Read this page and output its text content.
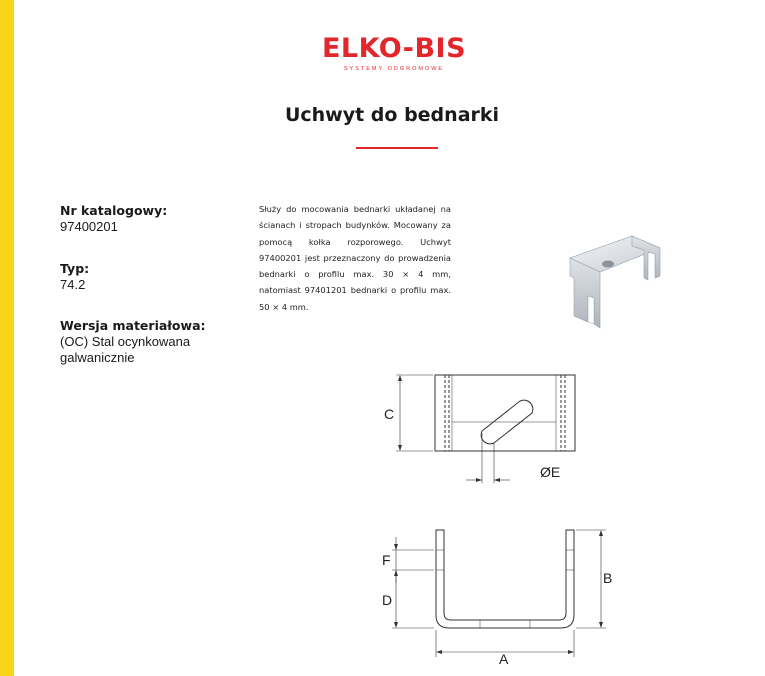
ELKO-BIS
SYSTEMY ODGROMOWE
Uchwyt do bednarki
Nr katalogowy:
97400201
Typ:
74.2
Wersja materiałowa:
(OC) Stal ocynkowana galwanicznie
Służy do mocowania bednarki układanej na ścianach i stropach budynków. Mocowany za pomocą kołka rozporowego. Uchwyt 97400201 jest przeznaczony do prowadzenia bednarki o profilu max. 30 × 4 mm, natomiast 97401201 bednarki o profilu max. 50 × 4 mm.
C
ØE
F
D
B
A
